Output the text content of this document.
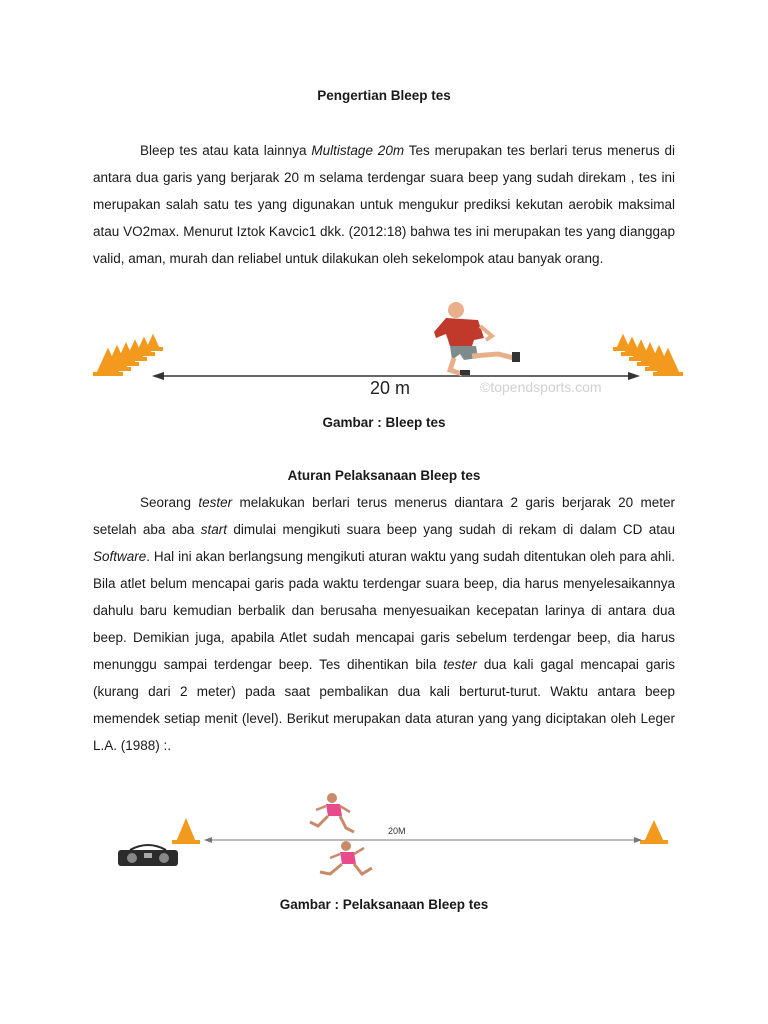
Pengertian Bleep tes

Bleep tes atau kata lainnya Multistage 20m Tes merupakan tes berlari terus menerus di antara dua garis yang berjarak 20 m selama terdengar suara beep yang sudah direkam , tes ini merupakan salah satu tes yang digunakan untuk mengukur prediksi kekutan aerobik maksimal atau VO2max. Menurut Iztok Kavcic1 dkk. (2012:18) bahwa tes ini merupakan tes yang dianggap valid, aman, murah dan reliabel untuk dilakukan oleh sekelompok atau banyak orang.

20 m	©topendsports.com
Gambar : Bleep tes
Aturan Pelaksanaan Bleep tes

Seorang tester melakukan berlari terus menerus diantara 2 garis berjarak 20 meter setelah aba aba start dimulai mengikuti suara beep yang sudah di rekam di dalam CD atau Software. Hal ini akan berlangsung mengikuti aturan waktu yang sudah ditentukan oleh para ahli. Bila atlet belum mencapai garis pada waktu terdengar suara beep, dia harus menyelesaikannya dahulu baru kemudian berbalik dan berusaha menyesuaikan kecepatan larinya di antara dua beep. Demikian juga, apabila Atlet sudah mencapai garis sebelum terdengar beep, dia harus menunggu sampai terdengar beep. Tes dihentikan bila tester dua kali gagal mencapai garis (kurang dari 2 meter) pada saat pembalikan dua kali berturut-turut. Waktu antara beep memendek setiap menit (level). Berikut merupakan data aturan yang yang diciptakan oleh Leger L.A. (1988) :.

20M
Gambar : Pelaksanaan Bleep tes
